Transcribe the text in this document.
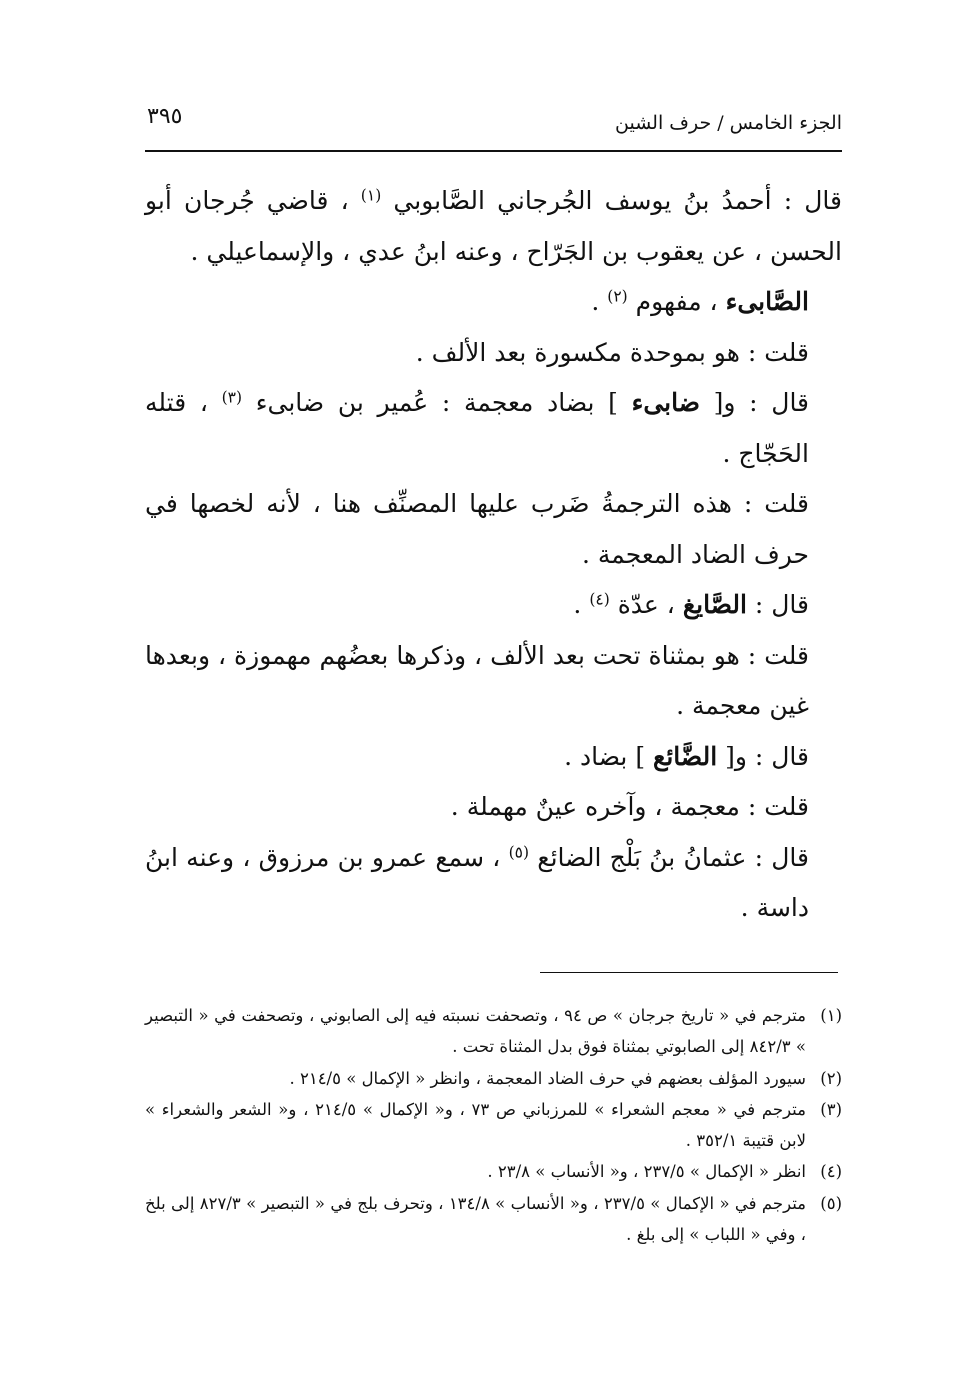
الجزء الخامس / حرف الشين
٣٩٥

قال : أحمدُ بنُ يوسف الجُرجاني الصَّابوبي $^{(١)}$ ، قاضي جُرجان أبو الحسن ، عن يعقوب بن الجَرّاح ، وعنه ابنُ عدي ، والإسماعيلي .

الصَّابىء ، مفهوم $^{(٢)}$ .

قلت : هو بموحدة مكسورة بعد الألف .

قال : و[ ضابىء ] بضاد معجمة : عُمير بن ضابىء $^{(٣)}$ ، قتله الحَجّاج .

قلت : هذه الترجمةُ ضَرب عليها المصنِّف هنا ، لأنه لخصها في حرف الضاد المعجمة .

قال : الصَّايغ ، عدّة $^{(٤)}$ .

قلت : هو بمثناة تحت بعد الألف ، وذكرها بعضُهم مهموزة ، وبعدها غين معجمة .

قال : و[ الضَّائع ] بضاد .

قلت : معجمة ، وآخره عينٌ مهملة .

قال : عثمانُ بنُ بَلْج الضائع $^{(٥)}$ ، سمع عمرو بن مرزوق ، وعنه ابنُ داسة .

(١)
مترجم في « تاريخ جرجان » ص ٩٤ ، وتصحفت نسبته فيه إلى الصابوني ، وتصحفت في « التبصير » ٨٤٢/٣ إلى الصابوتي بمثناة فوق بدل المثناة تحت .
(٢)
سيورد المؤلف بعضهم في حرف الضاد المعجمة ، وانظر « الإكمال » ٢١٤/٥ .
(٣)
مترجم في « معجم الشعراء » للمرزباني ص ٧٣ ، و« الإكمال » ٢١٤/٥ ، و« الشعر والشعراء » لابن قتيبة ٣٥٢/١ .
(٤)
انظر « الإكمال » ٢٣٧/٥ ، و« الأنساب » ٢٣/٨ .
(٥)
مترجم في « الإكمال » ٢٣٧/٥ ، و« الأنساب » ١٣٤/٨ ، وتحرف بلج في « التبصير » ٨٢٧/٣ إلى بلخ ، وفي « اللباب » إلى بلغ .
